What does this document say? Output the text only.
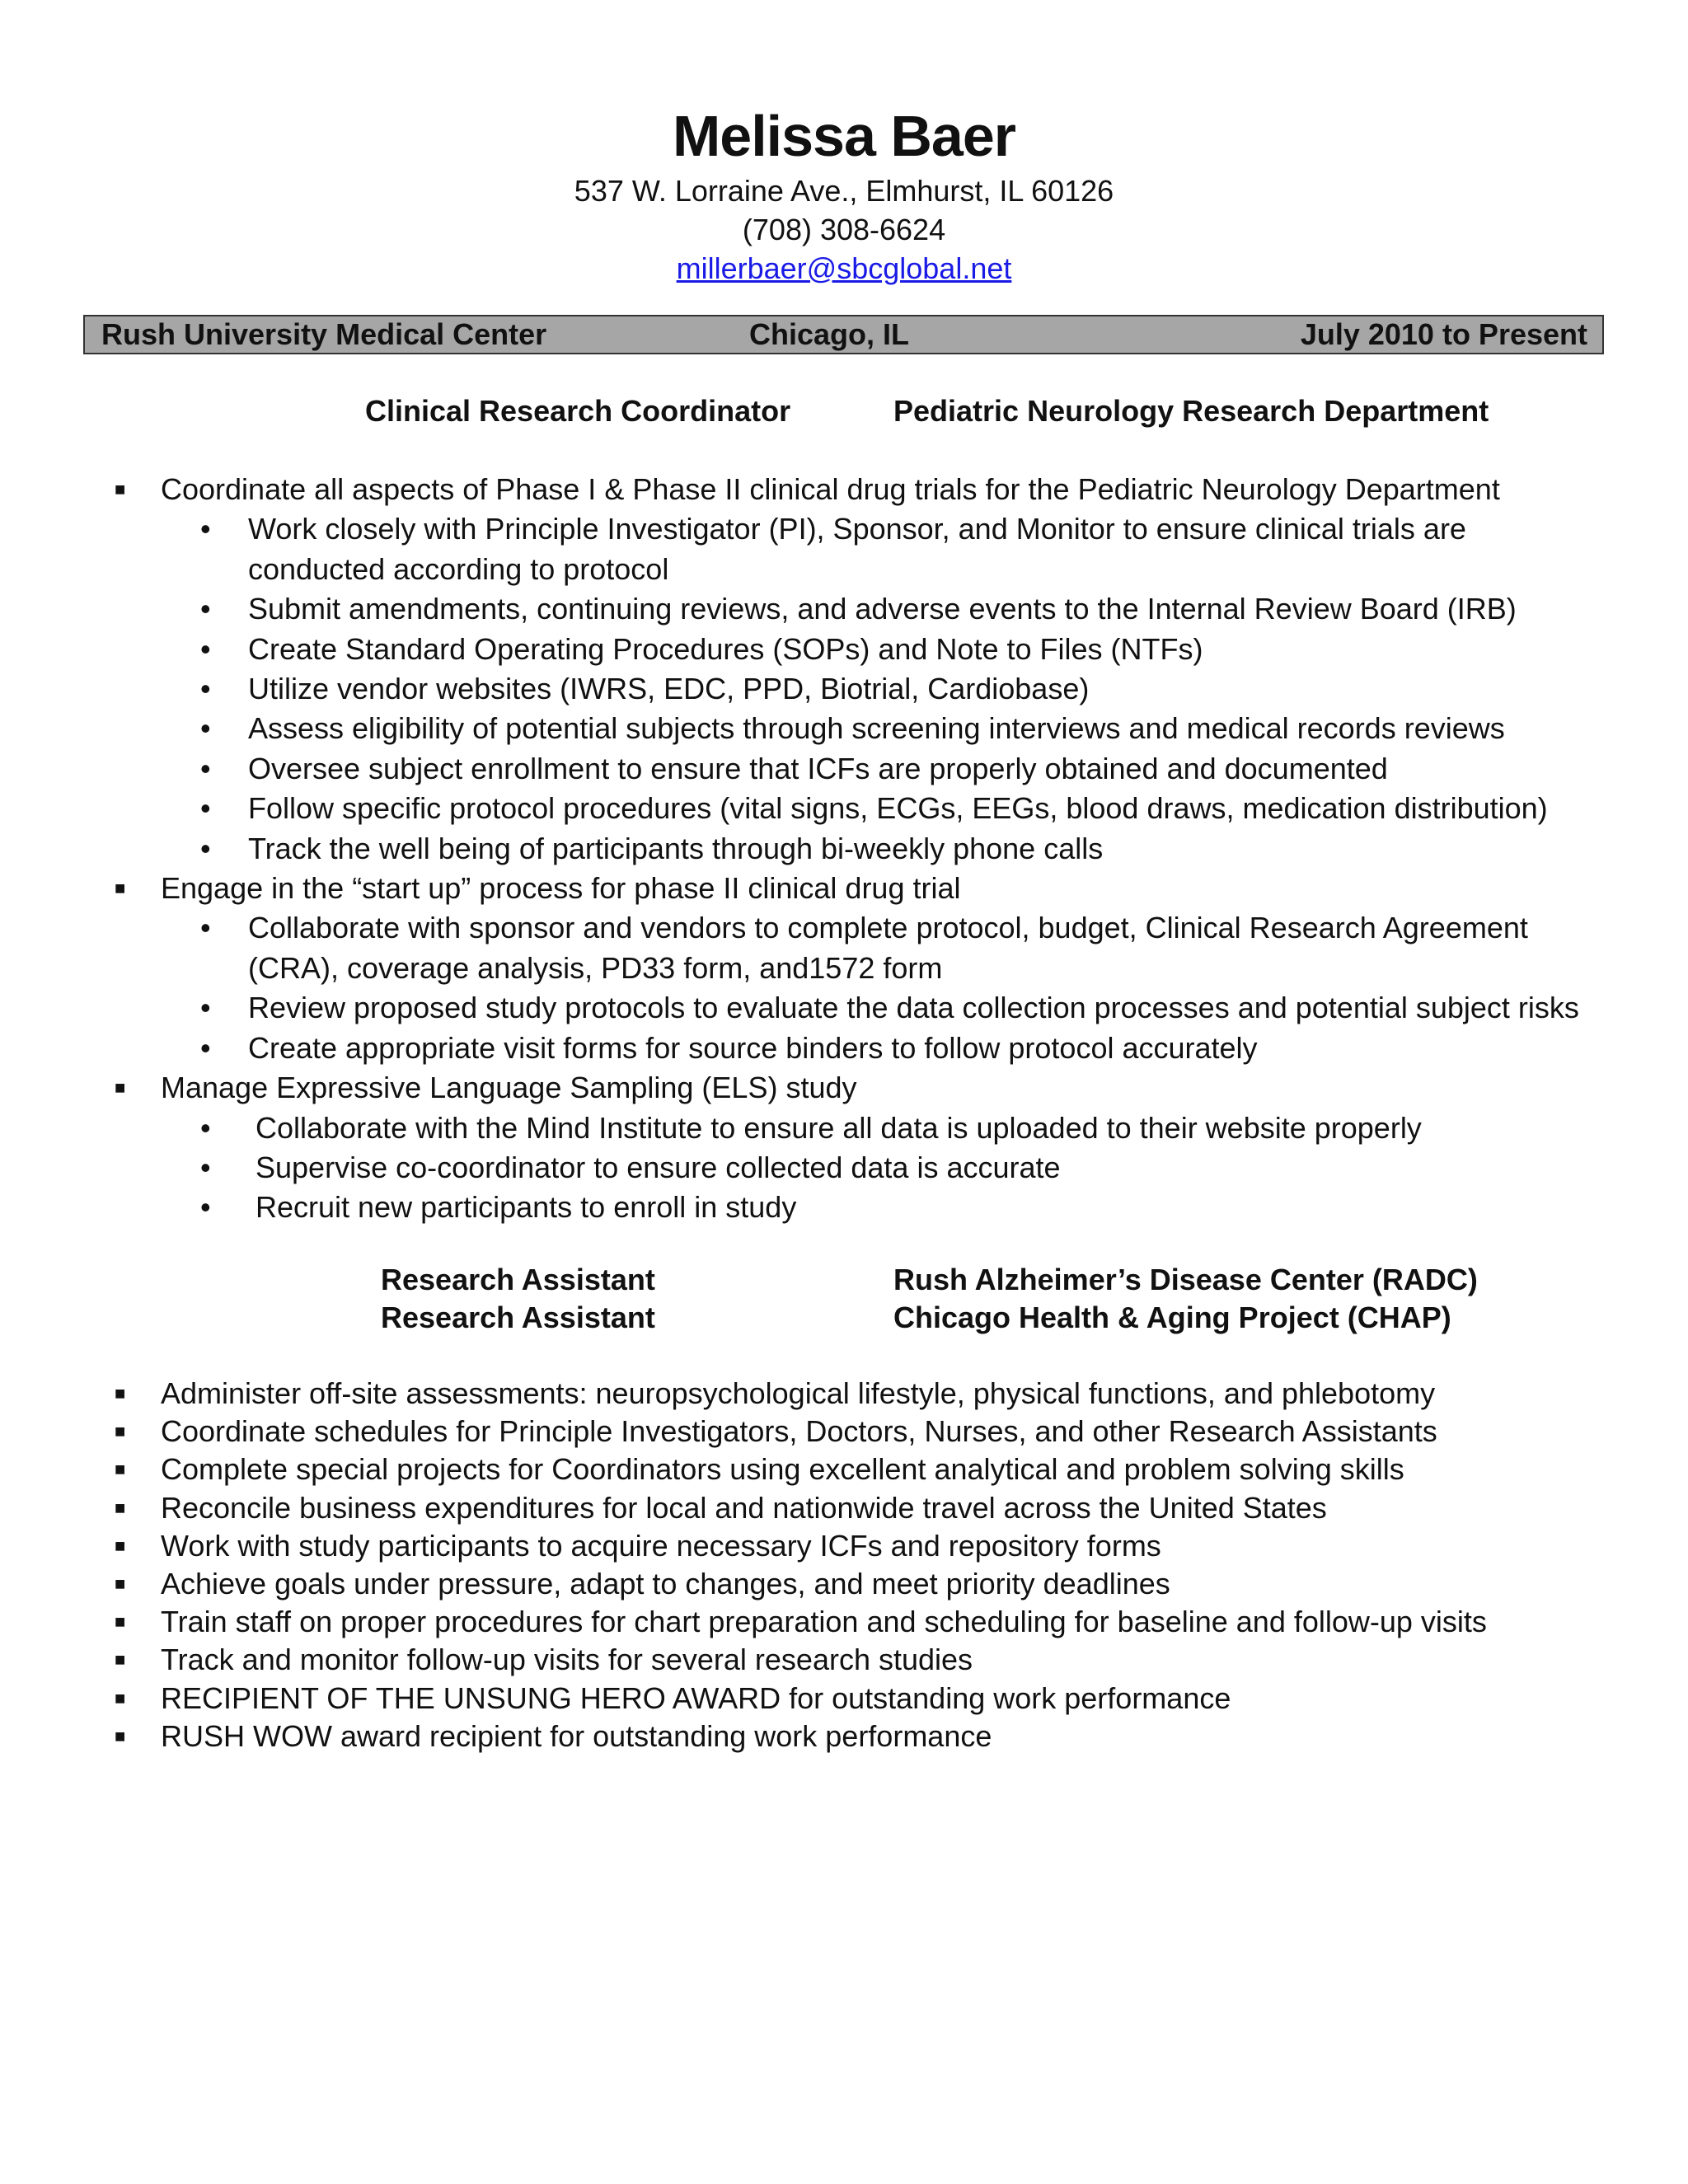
Melissa Baer
537 W. Lorraine Ave., Elmhurst, IL 60126
(708) 308-6624
millerbaer@sbcglobal.net
Rush University Medical Center	Chicago, IL	July 2010 to Present
Clinical Research Coordinator	Pediatric Neurology Research Department
■ Coordinate all aspects of Phase I & Phase II clinical drug trials for the Pediatric Neurology Department
• Work closely with Principle Investigator (PI), Sponsor, and Monitor to ensure clinical trials are conducted according to protocol
• Submit amendments, continuing reviews, and adverse events to the Internal Review Board (IRB)
• Create Standard Operating Procedures (SOPs) and Note to Files (NTFs)
• Utilize vendor websites (IWRS, EDC, PPD, Biotrial, Cardiobase)
• Assess eligibility of potential subjects through screening interviews and medical records reviews
• Oversee subject enrollment to ensure that ICFs are properly obtained and documented
• Follow specific protocol procedures (vital signs, ECGs, EEGs, blood draws, medication distribution)
• Track the well being of participants through bi-weekly phone calls
■ Engage in the “start up” process for phase II clinical drug trial
• Collaborate with sponsor and vendors to complete protocol, budget, Clinical Research Agreement (CRA), coverage analysis, PD33 form, and1572 form
• Review proposed study protocols to evaluate the data collection processes and potential subject risks
• Create appropriate visit forms for source binders to follow protocol accurately
■ Manage Expressive Language Sampling (ELS) study
• Collaborate with the Mind Institute to ensure all data is uploaded to their website properly
• Supervise co-coordinator to ensure collected data is accurate
• Recruit new participants to enroll in study
Research Assistant	Rush Alzheimer’s Disease Center (RADC)
Research Assistant	Chicago Health & Aging Project (CHAP)
■ Administer off-site assessments: neuropsychological lifestyle, physical functions, and phlebotomy
■ Coordinate schedules for Principle Investigators, Doctors, Nurses, and other Research Assistants
■ Complete special projects for Coordinators using excellent analytical and problem solving skills
■ Reconcile business expenditures for local and nationwide travel across the United States
■ Work with study participants to acquire necessary ICFs and repository forms
■ Achieve goals under pressure, adapt to changes, and meet priority deadlines
■ Train staff on proper procedures for chart preparation and scheduling for baseline and follow-up visits
■ Track and monitor follow-up visits for several research studies
■ RECIPIENT OF THE UNSUNG HERO AWARD for outstanding work performance
■ RUSH WOW award recipient for outstanding work performance
